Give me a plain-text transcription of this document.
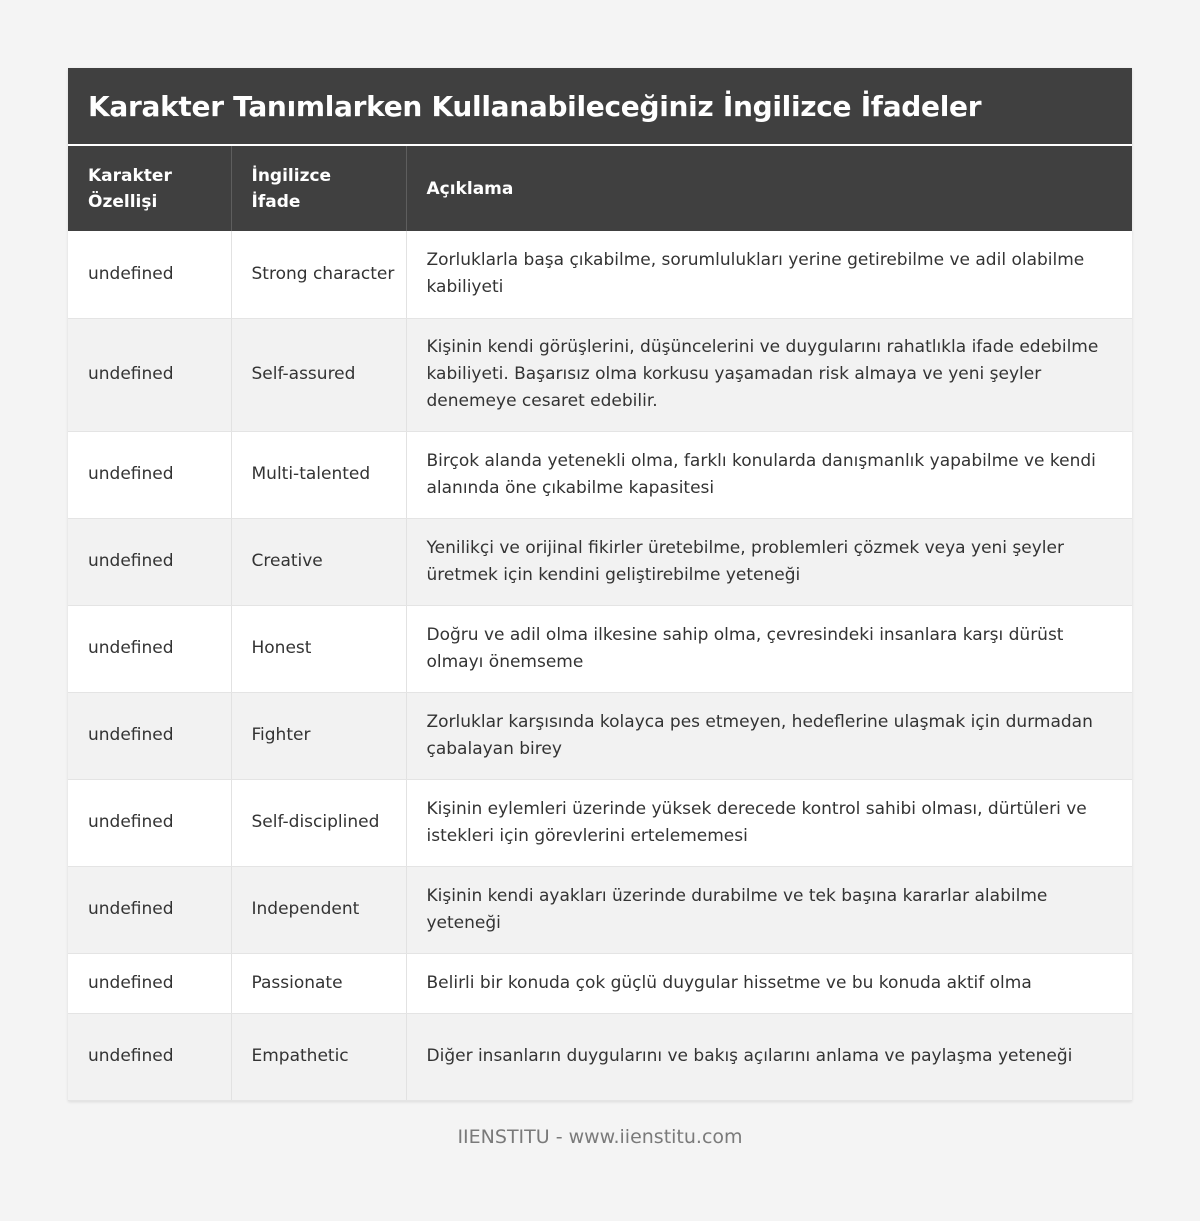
Karakter Tanımlarken Kullanabileceğiniz İngilizce İfadeler
Karakter Özellişi	İngilizce İfade	Açıklama
undefined	Strong character	Zorluklarla başa çıkabilme, sorumlulukları yerine getirebilme ve adil olabilme kabiliyeti
undefined	Self-assured	Kişinin kendi görüşlerini, düşüncelerini ve duygularını rahatlıkla ifade edebilme kabiliyeti. Başarısız olma korkusu yaşamadan risk almaya ve yeni şeyler denemeye cesaret edebilir.
undefined	Multi-talented	Birçok alanda yetenekli olma, farklı konularda danışmanlık yapabilme ve kendi alanında öne çıkabilme kapasitesi
undefined	Creative	Yenilikçi ve orijinal fikirler üretebilme, problemleri çözmek veya yeni şeyler üretmek için kendini geliştirebilme yeteneği
undefined	Honest	Doğru ve adil olma ilkesine sahip olma, çevresindeki insanlara karşı dürüst olmayı önemseme
undefined	Fighter	Zorluklar karşısında kolayca pes etmeyen, hedeflerine ulaşmak için durmadan çabalayan birey
undefined	Self-disciplined	Kişinin eylemleri üzerinde yüksek derecede kontrol sahibi olması, dürtüleri ve istekleri için görevlerini ertelememesi
undefined	Independent	Kişinin kendi ayakları üzerinde durabilme ve tek başına kararlar alabilme yeteneği
undefined	Passionate	Belirli bir konuda çok güçlü duygular hissetme ve bu konuda aktif olma
undefined	Empathetic	Diğer insanların duygularını ve bakış açılarını anlama ve paylaşma yeteneği
IIENSTITU - www.iienstitu.com
